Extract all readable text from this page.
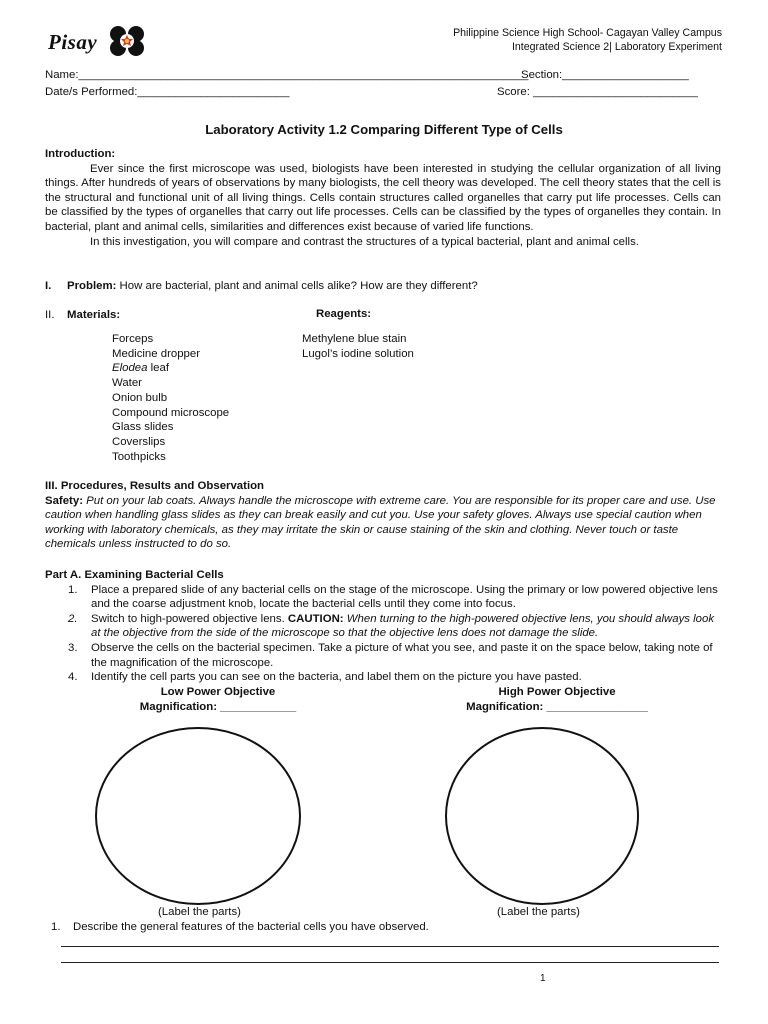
Pisay	Philippine Science High School- Cagayan Valley Campus
Integrated Science 2| Laboratory Experiment
Name:_______________________________________________________________________
Section:____________________
Date/s Performed:________________________	Score: __________________________
Laboratory Activity 1.2 Comparing Different Type of Cells
Introduction:
Ever since the first microscope was used, biologists have been interested in studying the cellular organization of all living things. After hundreds of years of observations by many biologists, the cell theory was developed. The cell theory states that the cell is the structural and functional unit of all living things. Cells contain structures called organelles that carry put life processes. Cells can be classified by the types of organelles that carry out life processes. Cells can be classified by the types of organelles they contain. In bacterial, plant and animal cells, similarities and differences exist because of varied life functions.
In this investigation, you will compare and contrast the structures of a typical bacterial, plant and animal cells.
I. Problem: How are bacterial, plant and animal cells alike? How are they different?
II. Materials:	Reagents:
Forceps
Medicine dropper
Elodea leaf
Water
Onion bulb
Compound microscope
Glass slides
Coverslips
Toothpicks
Methylene blue stain
Lugol’s iodine solution
III. Procedures, Results and Observation
Safety: Put on your lab coats. Always handle the microscope with extreme care. You are responsible for its proper care and use. Use caution when handling glass slides as they can break easily and cut you. Use your safety gloves. Always use special caution when working with laboratory chemicals, as they may irritate the skin or cause staining of the skin and clothing. Never touch or taste chemicals unless instructed to do so.
Part A. Examining Bacterial Cells
1. Place a prepared slide of any bacterial cells on the stage of the microscope. Using the primary or low powered objective lens and the coarse adjustment knob, locate the bacterial cells until they come into focus.
2. Switch to high-powered objective lens. CAUTION: When turning to the high-powered objective lens, you should always look at the objective from the side of the microscope so that the objective lens does not damage the slide.
3. Observe the cells on the bacterial specimen. Take a picture of what you see, and paste it on the space below, taking note of the magnification of the microscope.
4. Identify the cell parts you can see on the bacteria, and label them on the picture you have pasted.
Low Power Objective
Magnification: ____________
High Power Objective
Magnification: ________________
(Label the parts)	(Label the parts)
1. Describe the general features of the bacterial cells you have observed.
1
